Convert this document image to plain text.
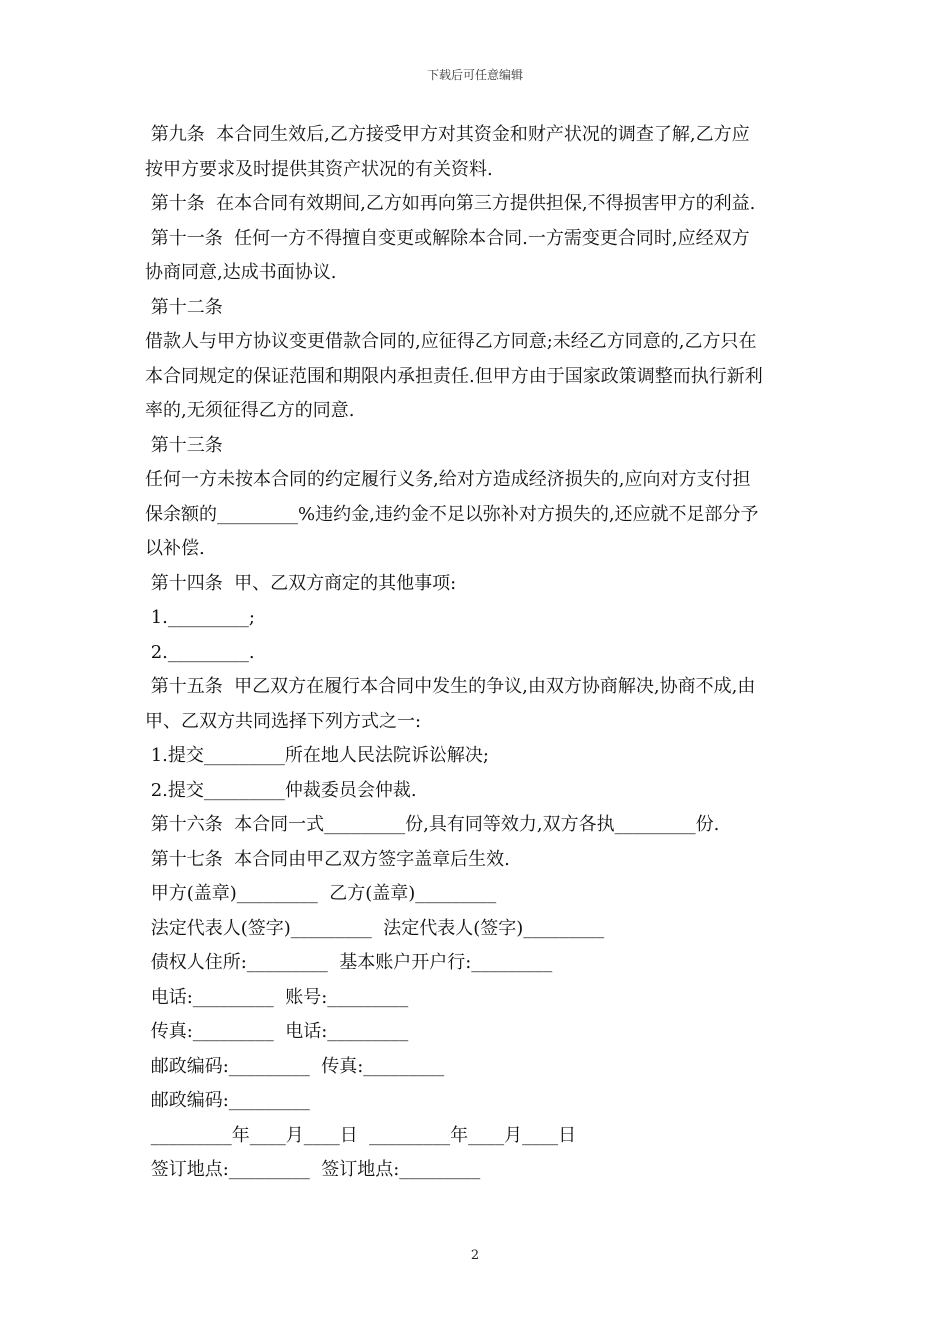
下载后可任意编辑
第九条  本合同生效后,乙方接受甲方对其资金和财产状况的调查了解,乙方应
按甲方要求及时提供其资产状况的有关资料.
第十条  在本合同有效期间,乙方如再向第三方提供担保,不得损害甲方的利益.
第十一条  任何一方不得擅自变更或解除本合同.一方需变更合同时,应经双方
协商同意,达成书面协议.
第十二条
借款人与甲方协议变更借款合同的,应征得乙方同意;未经乙方同意的,乙方只在
本合同规定的保证范围和期限内承担责任.但甲方由于国家政策调整而执行新利
率的,无须征得乙方的同意.
第十三条
任何一方未按本合同的约定履行义务,给对方造成经济损失的,应向对方支付担
保余额的_________%违约金,违约金不足以弥补对方损失的,还应就不足部分予
以补偿.
第十四条  甲、乙双方商定的其他事项:
1._________;
2._________.
第十五条  甲乙双方在履行本合同中发生的争议,由双方协商解决,协商不成,由
甲、乙双方共同选择下列方式之一:
1.提交_________所在地人民法院诉讼解决;
2.提交_________仲裁委员会仲裁.
第十六条  本合同一式_________份,具有同等效力,双方各执_________份.
第十七条  本合同由甲乙双方签字盖章后生效.
甲方(盖章)_________  乙方(盖章)_________
法定代表人(签字)_________  法定代表人(签字)_________
债权人住所:_________  基本账户开户行:_________
电话:_________  账号:_________
传真:_________  电话:_________
邮政编码:_________  传真:_________
邮政编码:_________
_________年____月____日  _________年____月____日
签订地点:_________  签订地点:_________
2
